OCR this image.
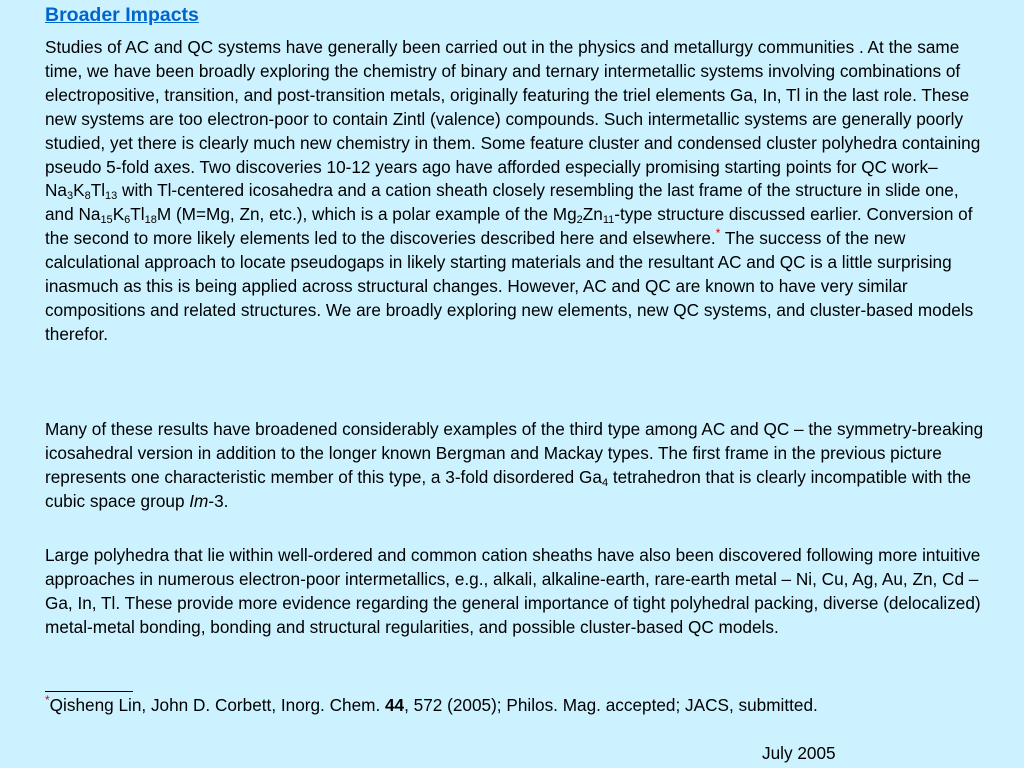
Broader Impacts

Studies of AC and QC systems have generally been carried out in the physics and metallurgy communities . At the same time, we have been broadly exploring the chemistry of binary and ternary intermetallic systems involving combinations of electropositive, transition, and post-transition metals, originally featuring the triel elements Ga, In, Tl in the last role. These new systems are too electron-poor to contain Zintl (valence) compounds. Such intermetallic systems are generally poorly studied, yet there is clearly much new chemistry in them. Some feature cluster and condensed cluster polyhedra containing pseudo 5-fold axes. Two discoveries 10-12 years ago have afforded especially promising starting points for QC work– $Na_3K_8Tl_{13}$ with Tl-centered icosahedra and a cation sheath closely resembling the last frame of the structure in slide one, and $Na_{15}K_6Tl_{18}M$ (M=Mg, Zn, etc.), which is a polar example of the $Mg_2Zn_{11}$-type structure discussed earlier. Conversion of the second to more likely elements led to the discoveries described here and elsewhere.* The success of the new calculational approach to locate pseudogaps in likely starting materials and the resultant AC and QC is a little surprising inasmuch as this is being applied across structural changes. However, AC and QC are known to have very similar compositions and related structures. We are broadly exploring new elements, new QC systems, and cluster-based models therefor.

Many of these results have broadened considerably examples of the third type among AC and QC – the symmetry-breaking icosahedral version in addition to the longer known Bergman and Mackay types. The first frame in the previous picture represents one characteristic member of this type, a 3-fold disordered $Ga_4$ tetrahedron that is clearly incompatible with the cubic space group Im-3.

Large polyhedra that lie within well-ordered and common cation sheaths have also been discovered following more intuitive approaches in numerous electron-poor intermetallics, e.g., alkali, alkaline-earth, rare-earth metal – Ni, Cu, Ag, Au, Zn, Cd – Ga, In, Tl. These provide more evidence regarding the general importance of tight polyhedral packing, diverse (delocalized) metal-metal bonding, bonding and structural regularities, and possible cluster-based QC models.

*Qisheng Lin, John D. Corbett, Inorg. Chem. 44, 572 (2005); Philos. Mag. accepted; JACS, submitted.

July 2005
